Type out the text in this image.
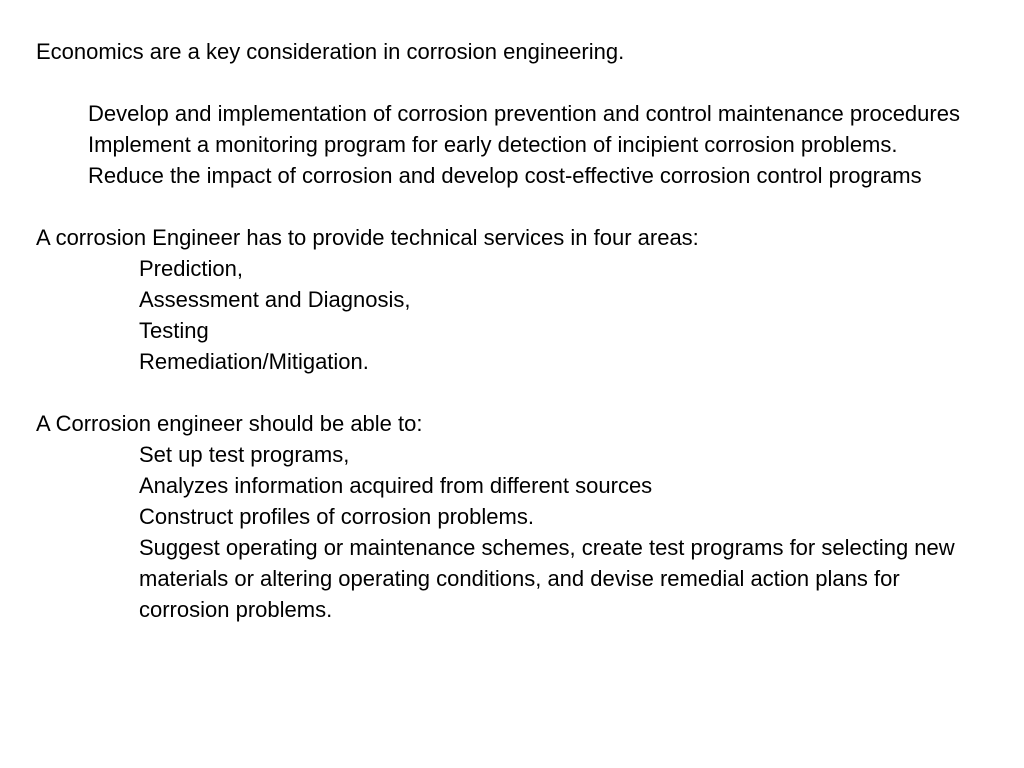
Economics are a key consideration in corrosion engineering.
Develop and implementation of corrosion prevention and control maintenance procedures
Implement a monitoring program for early detection of incipient corrosion problems.
Reduce the impact of corrosion and develop cost-effective corrosion control programs
A corrosion Engineer has to provide technical services in four areas:
Prediction,
Assessment and Diagnosis,
Testing
Remediation/Mitigation.
A Corrosion engineer should be able to:
Set up test programs,
Analyzes information acquired from different sources
Construct profiles of corrosion problems.
Suggest operating or maintenance schemes, create test programs for selecting new materials or altering operating conditions, and devise remedial action plans for corrosion problems.
